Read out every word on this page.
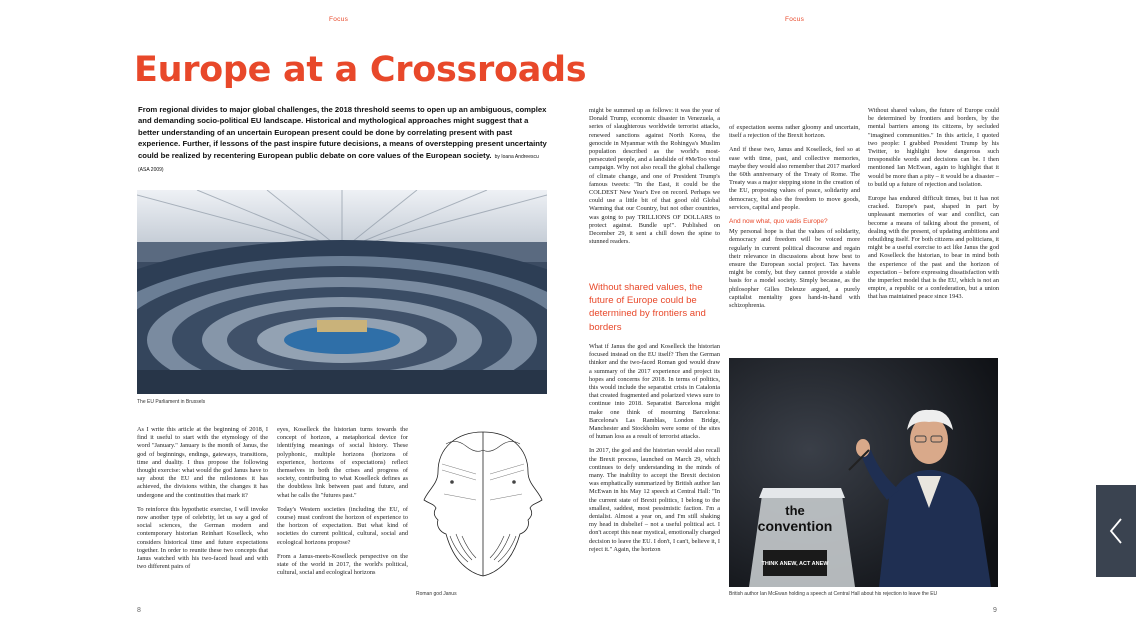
Focus	Focus
Europe at a Crossroads
From regional divides to major global challenges, the 2018 threshold seems to open up an ambiguous, complex and demanding socio-political EU landscape. Historical and mythological approaches might suggest that a better understanding of an uncertain European present could be done by correlating present with past experience. Further, if lessons of the past inspire future decisions, a means of overstepping present uncertainty could be realized by recentering European public debate on core values of the European society. by Ioana Andreescu (ASA 2009)
The EU Parliament in Brussels

As I write this article at the beginning of 2018, I find it useful to start with the etymology of the word "January." January is the month of Janus, the god of beginnings, endings, gateways, transitions, time and duality. I thus propose the following thought exercise: what would the god Janus have to say about the EU and the milestones it has achieved, the divisions within, the changes it has undergone and the continuities that mark it?

To reinforce this hypothetic exercise, I will invoke now another type of celebrity, let us say a god of social sciences, the German modern and contemporary historian Reinhart Koselleck, who considers historical time and future expectations together. In order to reunite these two concepts that Janus watched with his two-faced head and with two different pairs of

eyes, Koselleck the historian turns towards the concept of horizon, a metaphorical device for identifying meanings of social history. These polyphonic, multiple horizons (horizons of experience, horizons of expectations) reflect themselves in both the crises and progress of society, contributing to what Koselleck defines as the doubtless link between past and future, and what he calls the "futures past."

Today's Western societies (including the EU, of course) must confront the horizon of experience to the horizon of expectation. But what kind of societies do current political, cultural, social and ecological horizons propose?

From a Janus-meets-Koselleck perspective on the state of the world in 2017, the world's political, cultural, social and ecological horizons

Roman god Janus

might be summed up as follows: it was the year of Donald Trump, economic disaster in Venezuela, a series of slaughterous worldwide terrorist attacks, renewed sanctions against North Korea, the genocide in Myanmar with the Rohingya's Muslim population described as the world's most-persecuted people, and a landslide of #MeToo viral campaign. Why not also recall the global challenge of climate change, and one of President Trump's famous tweets: "In the East, it could be the COLDEST New Year's Eve on record. Perhaps we could use a little bit of that good old Global Warming that our Country, but not other countries, was going to pay TRILLIONS OF DOLLARS to protect against. Bundle up!". Published on December 29, it sent a chill down the spine to stunned readers.

Without shared values, the future of Europe could be determined by frontiers and borders

What if Janus the god and Koselleck the historian focused instead on the EU itself? Then the German thinker and the two-faced Roman god would draw a summary of the 2017 experience and project its hopes and concerns for 2018. In terms of politics, this would include the separatist crisis in Catalonia that created fragmented and polarized views sure to continue into 2018. Separatist Barcelona might make one think of mourning Barcelona: Barcelona's Las Ramblas, London Bridge, Manchester and Stockholm were some of the sites of human loss as a result of terrorist attacks.

In 2017, the god and the historian would also recall the Brexit process, launched on March 29, which continues to defy understanding in the minds of many. The inability to accept the Brexit decision was emphatically summarized by British author Ian McEwan in his May 12 speech at Central Hall: "In the current state of Brexit politics, I belong to the smallest, saddest, most pessimistic faction. I'm a denialist. Almost a year on, and I'm still shaking my head in disbelief – not a useful political act. I don't accept this near mystical, emotionally charged decision to leave the EU. I don't, I can't, believe it, I reject it." Again, the horizon

of expectation seems rather gloomy and uncertain, itself a rejection of the Brexit horizon.

And if these two, Janus and Koselleck, feel so at ease with time, past, and collective memories, maybe they would also remember that 2017 marked the 60th anniversary of the Treaty of Rome. The Treaty was a major stepping stone in the creation of the EU, proposing values of peace, solidarity and democracy, but also the freedom to move goods, services, capital and people.

And now what, quo vadis Europe?

My personal hope is that the values of solidarity, democracy and freedom will be voiced more regularly in current political discourse and regain their relevance in discussions about how best to ensure the European social project. Tax havens might be comfy, but they cannot provide a stable basis for a model society. Simply because, as the philosopher Gilles Deleuze argued, a purely capitalist mentality goes hand-in-hand with schizophrenia.

Without shared values, the future of Europe could be determined by frontiers and borders, by the mental barriers among its citizens, by secluded "imagined communities." In this article, I quoted two people: I grabbed President Trump by his Twitter, to highlight how dangerous such irresponsible words and decisions can be. I then mentioned Ian McEwan, again to highlight that it would be more than a pity – it would be a disaster – to build up a future of rejection and isolation.

Europe has endured difficult times, but it has not cracked. Europe's past, shaped in part by unpleasant memories of war and conflict, can become a means of talking about the present, of dealing with the present, of updating ambitions and rebuilding itself. For both citizens and politicians, it might be a useful exercise to act like Janus the god and Koselleck the historian, to bear in mind both the experience of the past and the horizon of expectation – before expressing dissatisfaction with the imperfect model that is the EU, which is not an empire, a republic or a confederation, but a union that has maintained peace since 1943.

the
convention
THINK ANEW, ACT ANEW
British author Ian McEwan holding a speech at Central Hall about his rejection to leave the EU
8	9
